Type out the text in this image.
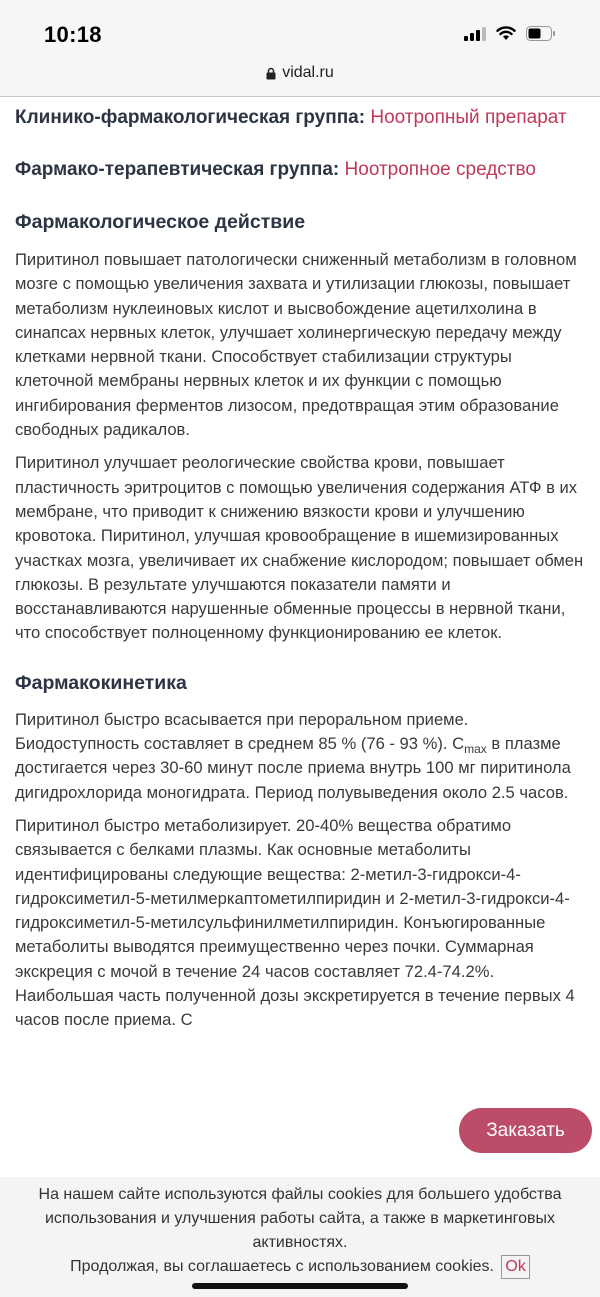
10:18
vidal.ru
Клинико-фармакологическая группа: Ноотропный препарат
Фармако-терапевтическая группа: Ноотропное средство
Фармакологическое действие

Пиритинол повышает патологически сниженный метаболизм в головном мозге с помощью увеличения захвата и утилизации глюкозы, повышает метаболизм нуклеиновых кислот и высвобождение ацетилхолина в синапсах нервных клеток, улучшает холинергическую передачу между клетками нервной ткани. Способствует стабилизации структуры клеточной мембраны нервных клеток и их функции с помощью ингибирования ферментов лизосом, предотвращая этим образование свободных радикалов.

Пиритинол улучшает реологические свойства крови, повышает пластичность эритроцитов с помощью увеличения содержания АТФ в их мембране, что приводит к снижению вязкости крови и улучшению кровотока. Пиритинол, улучшая кровообращение в ишемизированных участках мозга, увеличивает их снабжение кислородом; повышает обмен глюкозы. В результате улучшаются показатели памяти и восстанавливаются нарушенные обменные процессы в нервной ткани, что способствует полноценному функционированию ее клеток.

Фармакокинетика

Пиритинол быстро всасывается при пероральном приеме. Биодоступность составляет в среднем 85 % (76 - 93 %). $C_{max}$ в плазме достигается через 30-60 минут после приема внутрь 100 мг пиритинола дигидрохлорида моногидрата. Период полувыведения около 2.5 часов.

Пиритинол быстро метаболизирует. 20-40% вещества обратимо связывается с белками плазмы. Как основные метаболиты идентифицированы следующие вещества: 2-метил-3-гидрокси-4-гидроксиметил-5-метилмеркаптометилпиридин и 2-метил-3-гидрокси-4-гидроксиметил-5-метилсульфинилметилпиридин. Конъюгированные метаболиты выводятся преимущественно через почки. Суммарная экскреция с мочой в течение 24 часов составляет 72.4-74.2%. Наибольшая часть полученной дозы экскретируется в течение первых 4 часов после приема. С

Заказать
На нашем сайте используются файлы cookies для большего удобства использования и улучшения работы сайта, а также в маркетинговых активностях.
Продолжая, вы соглашаетесь с использованием cookies. Ok
